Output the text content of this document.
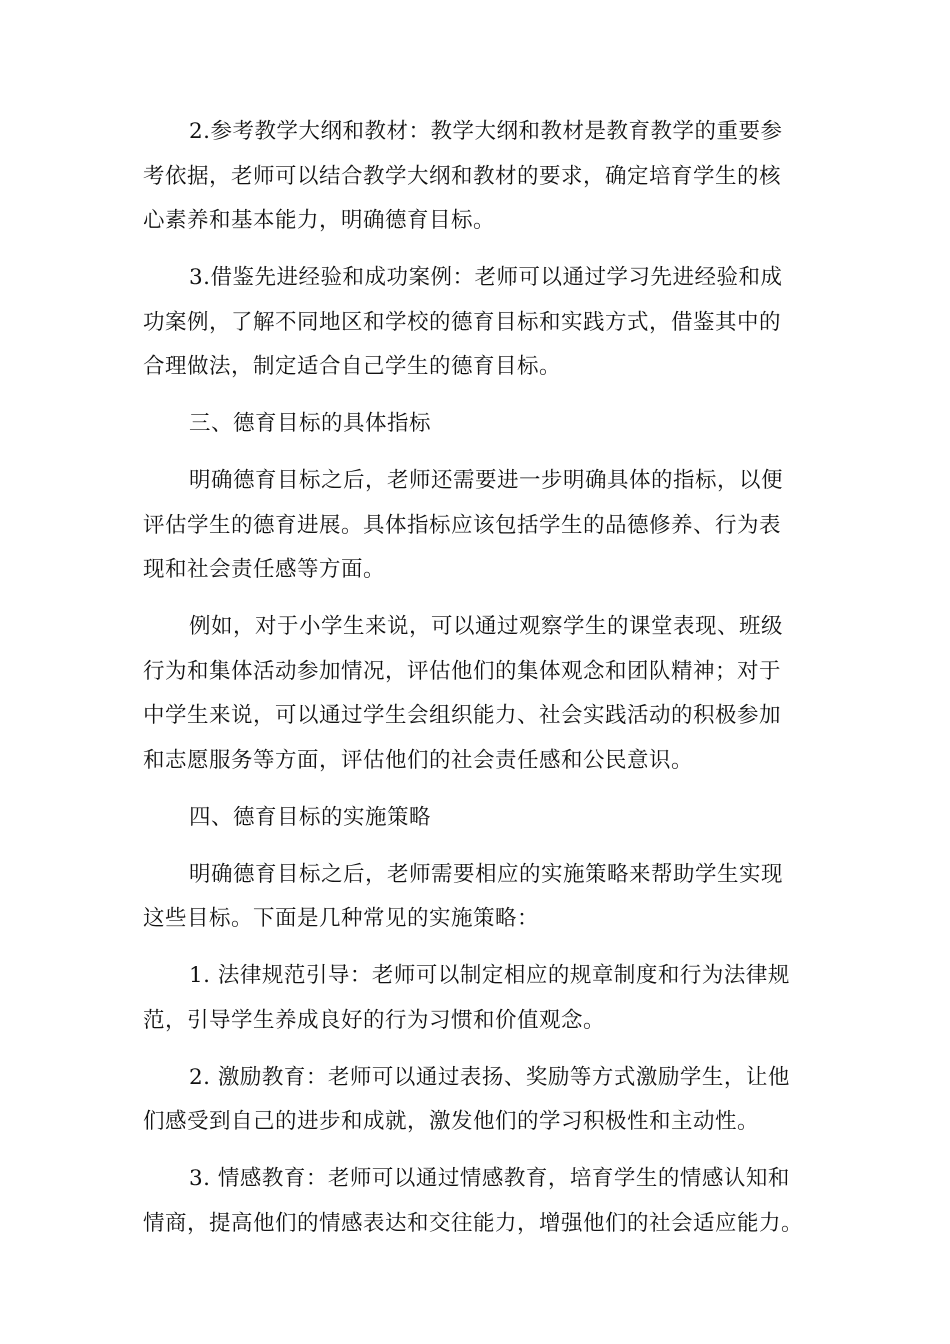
2.参考教学大纲和教材：教学大纲和教材是教育教学的重要参
考依据，老师可以结合教学大纲和教材的要求，确定培育学生的核
心素养和基本能力，明确德育目标。

3.借鉴先进经验和成功案例：老师可以通过学习先进经验和成
功案例，了解不同地区和学校的德育目标和实践方式，借鉴其中的
合理做法，制定适合自己学生的德育目标。

三、德育目标的具体指标

明确德育目标之后，老师还需要进一步明确具体的指标，以便
评估学生的德育进展。具体指标应该包括学生的品德修养、行为表
现和社会责任感等方面。

例如，对于小学生来说，可以通过观察学生的课堂表现、班级
行为和集体活动参加情况，评估他们的集体观念和团队精神；对于
中学生来说，可以通过学生会组织能力、社会实践活动的积极参加
和志愿服务等方面，评估他们的社会责任感和公民意识。

四、德育目标的实施策略

明确德育目标之后，老师需要相应的实施策略来帮助学生实现
这些目标。下面是几种常见的实施策略：

1. 法律规范引导：老师可以制定相应的规章制度和行为法律规
范，引导学生养成良好的行为习惯和价值观念。

2. 激励教育：老师可以通过表扬、奖励等方式激励学生，让他
们感受到自己的进步和成就，激发他们的学习积极性和主动性。

3. 情感教育：老师可以通过情感教育，培育学生的情感认知和
情商，提高他们的情感表达和交往能力，增强他们的社会适应能力。
